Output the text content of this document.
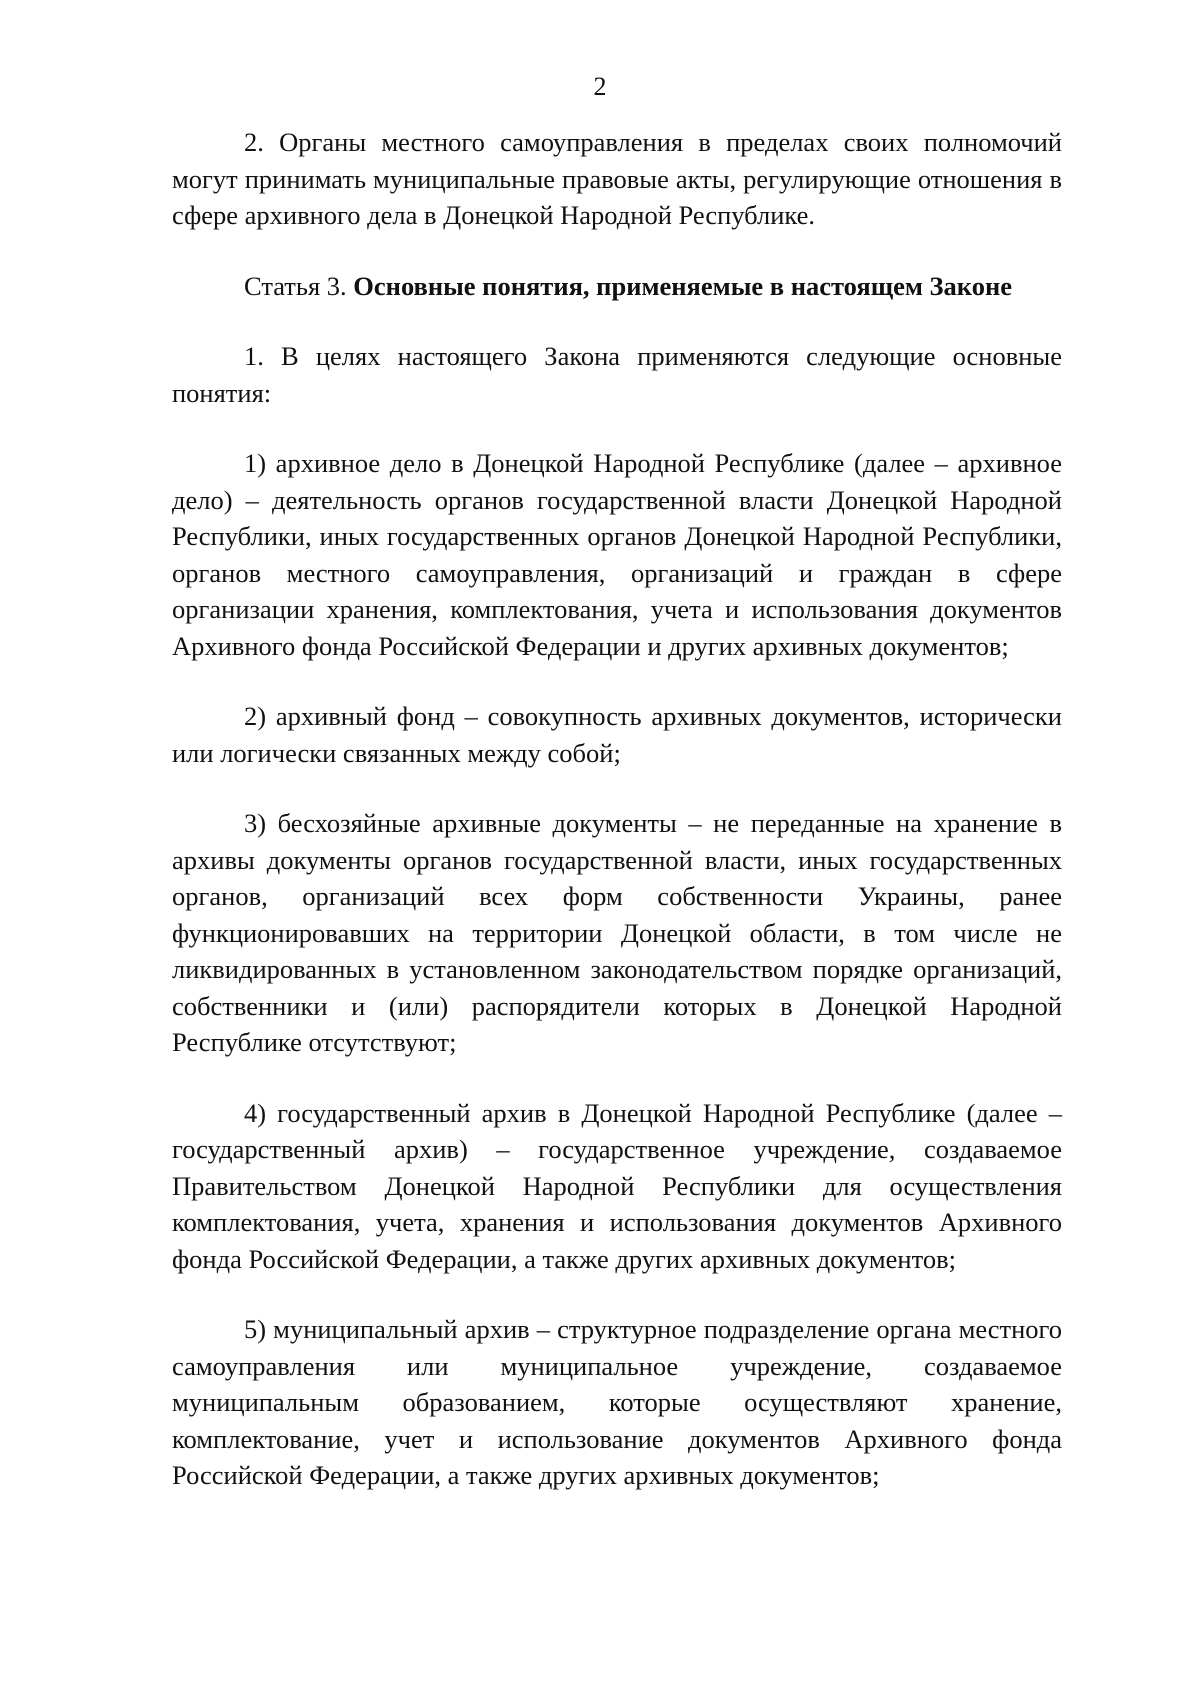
2

2. Органы местного самоуправления в пределах своих полномочий могут принимать муниципальные правовые акты, регулирующие отношения в сфере архивного дела в Донецкой Народной Республике.

Статья 3. Основные понятия, применяемые в настоящем Законе

1. В целях настоящего Закона применяются следующие основные понятия:

1) архивное дело в Донецкой Народной Республике (далее – архивное дело) – деятельность органов государственной власти Донецкой Народной Республики, иных государственных органов Донецкой Народной Республики, органов местного самоуправления, организаций и граждан в сфере организации хранения, комплектования, учета и использования документов Архивного фонда Российской Федерации и других архивных документов;

2) архивный фонд – совокупность архивных документов, исторически или логически связанных между собой;

3) бесхозяйные архивные документы – не переданные на хранение в архивы документы органов государственной власти, иных государственных органов, организаций всех форм собственности Украины, ранее функционировавших на территории Донецкой области, в том числе не ликвидированных в установленном законодательством порядке организаций, собственники и (или) распорядители которых в Донецкой Народной Республике отсутствуют;

4) государственный архив в Донецкой Народной Республике (далее – государственный архив) – государственное учреждение, создаваемое Правительством Донецкой Народной Республики для осуществления комплектования, учета, хранения и использования документов Архивного фонда Российской Федерации, а также других архивных документов;

5) муниципальный архив – структурное подразделение органа местного самоуправления или муниципальное учреждение, создаваемое муниципальным образованием, которые осуществляют хранение, комплектование, учет и использование документов Архивного фонда Российской Федерации, а также других архивных документов;
